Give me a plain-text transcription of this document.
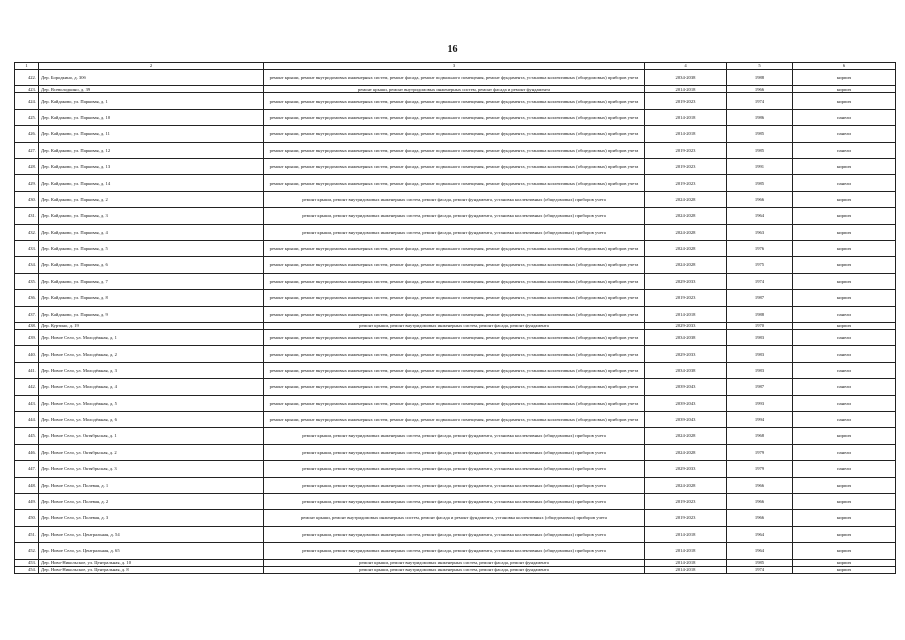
16
1	2	3	4	5	6
422.	Дер. Бородкино, д. 30б	ремонт крыши, ремонт внутридомовых инженерных систем, ремонт фасада, ремонт подвального помещения, ремонт фундамента, установка коллективных (общедомовых) приборов учета	2034-2038	1988	кирпич
423.	Дер. Всеволодкино, д. 39	ремонт крыши, ремонт внутридомовых инженерных систем, ремонт фасада и ремонт фундамента	2014-2018	1966	кирпич
424.	Дер. Кайдаково, ул. Парковая, д. 1	ремонт крыши, ремонт внутридомовых инженерных систем, ремонт фасада, ремонт подвального помещения, ремонт фундамента, установка коллективных (общедомовых) приборов учета	2019-2023	1974	кирпич
425.	Дер. Кайдаково, ул. Парковая, д. 10	ремонт крыши, ремонт внутридомовых инженерных систем, ремонт фасада, ремонт подвального помещения, ремонт фундамента, установка коллективных (общедомовых) приборов учета	2014-2018	1986	панели
426.	Дер. Кайдаково, ул. Парковая, д. 11	ремонт крыши, ремонт внутридомовых инженерных систем, ремонт фасада, ремонт подвального помещения, ремонт фундамента, установка коллективных (общедомовых) приборов учета	2014-2018	1985	панели
427.	Дер. Кайдаково, ул. Парковая, д. 12	ремонт крыши, ремонт внутридомовых инженерных систем, ремонт фасада, ремонт подвального помещения, ремонт фундамента, установка коллективных (общедомовых) приборов учета	2019-2023	1985	панели
428.	Дер. Кайдаково, ул. Парковая, д. 13	ремонт крыши, ремонт внутридомовых инженерных систем, ремонт фасада, ремонт подвального помещения, ремонт фундамента, установка коллективных (общедомовых) приборов учета	2019-2023	1991	кирпич
429.	Дер. Кайдаково, ул. Парковая, д. 14	ремонт крыши, ремонт внутридомовых инженерных систем, ремонт фасада, ремонт подвального помещения, ремонт фундамента, установка коллективных (общедомовых) приборов учета	2019-2023	1985	панели
430.	Дер. Кайдаково, ул. Парковая, д. 2	ремонт крыши, ремонт внутридомовых инженерных систем, ремонт фасада, ремонт фундамента, установка коллективных (общедомовых) приборов учета	2024-2028	1966	кирпич
431.	Дер. Кайдаково, ул. Парковая, д. 3	ремонт крыши, ремонт внутридомовых инженерных систем, ремонт фасада, ремонт фундамента, установка коллективных (общедомовых) приборов учета	2024-2028	1964	кирпич
432.	Дер. Кайдаково, ул. Парковая, д. 4	ремонт крыши, ремонт внутридомовых инженерных систем, ремонт фасада, ремонт фундамента, установка коллективных (общедомовых) приборов учета	2024-2028	1963	кирпич
433.	Дер. Кайдаково, ул. Парковая, д. 5	ремонт крыши, ремонт внутридомовых инженерных систем, ремонт фасада, ремонт подвального помещения, ремонт фундамента, установка коллективных (общедомовых) приборов учета	2024-2028	1976	кирпич
434.	Дер. Кайдаково, ул. Парковая, д. 6	ремонт крыши, ремонт внутридомовых инженерных систем, ремонт фасада, ремонт подвального помещения, ремонт фундамента, установка коллективных (общедомовых) приборов учета	2024-2028	1975	кирпич
435.	Дер. Кайдаково, ул. Парковая, д. 7	ремонт крыши, ремонт внутридомовых инженерных систем, ремонт фасада, ремонт подвального помещения, ремонт фундамента, установка коллективных (общедомовых) приборов учета	2029-2033	1974	кирпич
436.	Дер. Кайдаково, ул. Парковая, д. 8	ремонт крыши, ремонт внутридомовых инженерных систем, ремонт фасада, ремонт подвального помещения, ремонт фундамента, установка коллективных (общедомовых) приборов учета	2019-2023	1987	кирпич
437.	Дер. Кайдаково, ул. Парковая, д. 9	ремонт крыши, ремонт внутридомовых инженерных систем, ремонт фасада, ремонт подвального помещения, ремонт фундамента, установка коллективных (общедомовых) приборов учета	2014-2018	1988	панели
438.	Дер. Куртино, д. 19	ремонт крыши, ремонт внутридомовых инженерных систем, ремонт фасада, ремонт фундамента	2029-2033	1970	кирпич
439.	Дер. Новое Село, ул. Молодёжная, д. 1	ремонт крыши, ремонт внутридомовых инженерных систем, ремонт фасада, ремонт подвального помещения, ремонт фундамента, установка коллективных (общедомовых) приборов учета	2034-2038	1983	панели
440.	Дер. Новое Село, ул. Молодёжная, д. 2	ремонт крыши, ремонт внутридомовых инженерных систем, ремонт фасада, ремонт подвального помещения, ремонт фундамента, установка коллективных (общедомовых) приборов учета	2029-2033	1983	панели
441.	Дер. Новое Село, ул. Молодёжная, д. 3	ремонт крыши, ремонт внутридомовых инженерных систем, ремонт фасада, ремонт подвального помещения, ремонт фундамента, установка коллективных (общедомовых) приборов учета	2034-2038	1983	панели
442.	Дер. Новое Село, ул. Молодёжная, д. 4	ремонт крыши, ремонт внутридомовых инженерных систем, ремонт фасада, ремонт подвального помещения, ремонт фундамента, установка коллективных (общедомовых) приборов учета	2039-2043	1987	панели
443.	Дер. Новое Село, ул. Молодёжная, д. 5	ремонт крыши, ремонт внутридомовых инженерных систем, ремонт фасада, ремонт подвального помещения, ремонт фундамента, установка коллективных (общедомовых) приборов учета	2039-2043	1993	панели
444.	Дер. Новое Село, ул. Молодёжная, д. 6	ремонт крыши, ремонт внутридомовых инженерных систем, ремонт фасада, ремонт подвального помещения, ремонт фундамента, установка коллективных (общедомовых) приборов учета	2039-2043	1994	панели
445.	Дер. Новое Село, ул. Октябрьская, д. 1	ремонт крыши, ремонт внутридомовых инженерных систем, ремонт фасада, ремонт фундамента, установка коллективных (общедомовых) приборов учета	2024-2028	1968	кирпич
446.	Дер. Новое Село, ул. Октябрьская, д. 2	ремонт крыши, ремонт внутридомовых инженерных систем, ремонт фасада, ремонт фундамента, установка коллективных (общедомовых) приборов учета	2024-2028	1979	панели
447.	Дер. Новое Село, ул. Октябрьская, д. 3	ремонт крыши, ремонт внутридомовых инженерных систем, ремонт фасада, ремонт фундамента, установка коллективных (общедомовых) приборов учета	2029-2033	1979	панели
448.	Дер. Новое Село, ул. Полевая, д. 1	ремонт крыши, ремонт внутридомовых инженерных систем, ремонт фасада, ремонт фундамента, установка коллективных (общедомовых) приборов учета	2024-2028	1966	кирпич
449.	Дер. Новое Село, ул. Полевая, д. 2	ремонт крыши, ремонт внутридомовых инженерных систем, ремонт фасада, ремонт фундамента, установка коллективных (общедомовых) приборов учета	2019-2023	1966	кирпич
450.	Дер. Новое Село, ул. Полевая, д. 3	ремонт крыши, ремонт внутридомовых инженерных систем, ремонт фасада и ремонт фундамента, установка коллективных (общедомовых) приборов учета	2019-2023	1966	кирпич
451.	Дер. Новое Село, ул. Центральная, д. 54	ремонт крыши, ремонт внутридомовых инженерных систем, ремонт фасада, ремонт фундамента, установка коллективных (общедомовых) приборов учета	2014-2018	1964	кирпич
452.	Дер. Новое Село, ул. Центральная, д. 65	ремонт крыши, ремонт внутридомовых инженерных систем, ремонт фасада, ремонт фундамента, установка коллективных (общедомовых) приборов учета	2014-2018	1964	кирпич
453.	Дер. Ново-Никольское, ул. Центральная, д. 10	ремонт крыши, ремонт внутридомовых инженерных систем, ремонт фасада, ремонт фундамента	2014-2018	1985	кирпич
454.	Дер. Ново-Никольское, ул. Центральная, д. 8	ремонт крыши, ремонт внутридомовых инженерных систем, ремонт фасада, ремонт фундамента	2014-2018	1974	кирпич
